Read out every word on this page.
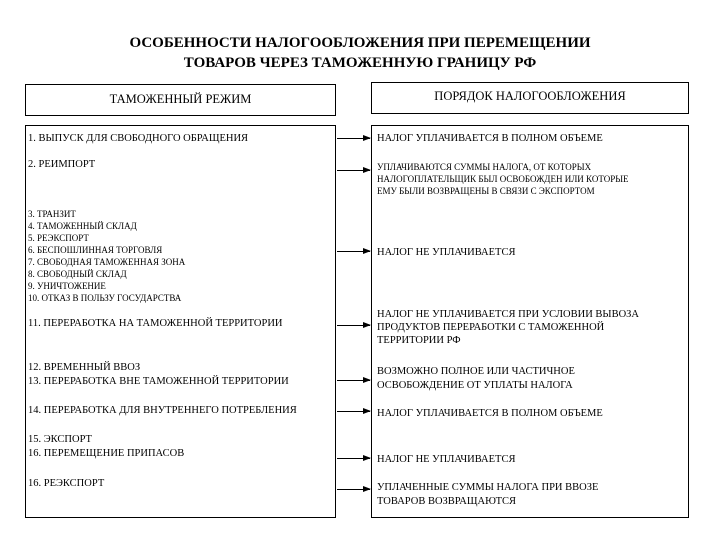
ОСОБЕННОСТИ НАЛОГООБЛОЖЕНИЯ ПРИ ПЕРЕМЕЩЕНИИ
ТОВАРОВ ЧЕРЕЗ ТАМОЖЕННУЮ ГРАНИЦУ РФ
ТАМОЖЕННЫЙ РЕЖИМ	ПОРЯДОК НАЛОГООБЛОЖЕНИЯ
1. ВЫПУСК ДЛЯ СВОБОДНОГО ОБРАЩЕНИЯ
2. РЕИМПОРТ
3. ТРАНЗИТ
4. ТАМОЖЕННЫЙ СКЛАД
5. РЕЭКСПОРТ
6. БЕСПОШЛИННАЯ ТОРГОВЛЯ
7. СВОБОДНАЯ ТАМОЖЕННАЯ ЗОНА
8. СВОБОДНЫЙ СКЛАД
9. УНИЧТОЖЕНИЕ
10. ОТКАЗ В ПОЛЬЗУ ГОСУДАРСТВА
11. ПЕРЕРАБОТКА НА ТАМОЖЕННОЙ ТЕРРИТОРИИ
12. ВРЕМЕННЫЙ ВВОЗ
13. ПЕРЕРАБОТКА ВНЕ ТАМОЖЕННОЙ ТЕРРИТОРИИ
14. ПЕРЕРАБОТКА ДЛЯ ВНУТРЕННЕГО ПОТРЕБЛЕНИЯ
15. ЭКСПОРТ
16. ПЕРЕМЕЩЕНИЕ ПРИПАСОВ
16. РЕЭКСПОРТ
НАЛОГ УПЛАЧИВАЕТСЯ В ПОЛНОМ ОБЪЕМЕ
УПЛАЧИВАЮТСЯ СУММЫ НАЛОГА, ОТ КОТОРЫХ
НАЛОГОПЛАТЕЛЬЩИК БЫЛ ОСВОБОЖДЕН ИЛИ КОТОРЫЕ
ЕМУ БЫЛИ ВОЗВРАЩЕНЫ В СВЯЗИ С ЭКСПОРТОМ
НАЛОГ НЕ УПЛАЧИВАЕТСЯ
НАЛОГ НЕ УПЛАЧИВАЕТСЯ ПРИ УСЛОВИИ ВЫВОЗА
ПРОДУКТОВ ПЕРЕРАБОТКИ С ТАМОЖЕННОЙ
ТЕРРИТОРИИ РФ
ВОЗМОЖНО ПОЛНОЕ ИЛИ ЧАСТИЧНОЕ
ОСВОБОЖДЕНИЕ ОТ УПЛАТЫ НАЛОГА
НАЛОГ УПЛАЧИВАЕТСЯ В ПОЛНОМ ОБЪЕМЕ
НАЛОГ НЕ УПЛАЧИВАЕТСЯ
УПЛАЧЕННЫЕ СУММЫ НАЛОГА ПРИ ВВОЗЕ
ТОВАРОВ ВОЗВРАЩАЮТСЯ
